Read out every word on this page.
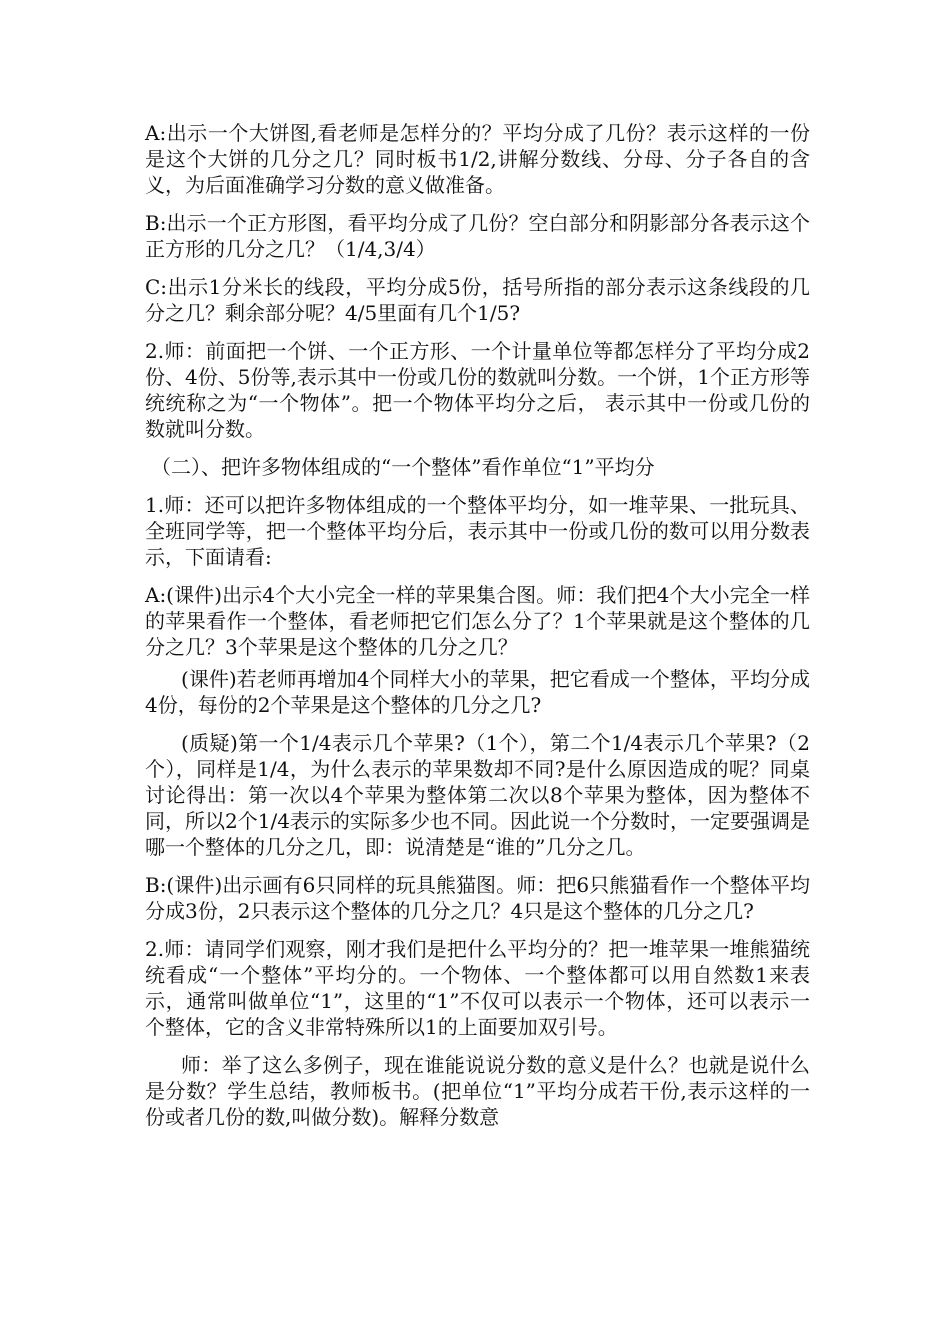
A:出示一个大饼图,看老师是怎样分的？平均分成了几份？表示这样的一份是这个大饼的几分之几？同时板书1/2,讲解分数线、分母、分子各自的含义，为后面准确学习分数的意义做准备。

B:出示一个正方形图，看平均分成了几份？空白部分和阴影部分各表示这个正方形的几分之几？（1/4,3/4）

C:出示1分米长的线段，平均分成5份，括号所指的部分表示这条线段的几分之几？剩余部分呢？4/5里面有几个1/5?

2.师：前面把一个饼、一个正方形、一个计量单位等都怎样分了平均分成2份、4份、5份等,表示其中一份或几份的数就叫分数。一个饼，1个正方形等统统称之为“一个物体”。把一个物体平均分之后， 表示其中一份或几份的数就叫分数。

（二）、把许多物体组成的“一个整体”看作单位“1”平均分

1.师：还可以把许多物体组成的一个整体平均分，如一堆苹果、一批玩具、全班同学等，把一个整体平均分后，表示其中一份或几份的数可以用分数表示，下面请看:

A:(课件)出示4个大小完全一样的苹果集合图。师：我们把4个大小完全一样的苹果看作一个整体，看老师把它们怎么分了？1个苹果就是这个整体的几分之几？3个苹果是这个整体的几分之几？

(课件)若老师再增加4个同样大小的苹果，把它看成一个整体，平均分成4份，每份的2个苹果是这个整体的几分之几?

(质疑)第一个1/4表示几个苹果?（1个），第二个1/4表示几个苹果?（2个），同样是1/4，为什么表示的苹果数却不同?是什么原因造成的呢？同桌讨论得出：第一次以4个苹果为整体第二次以8个苹果为整体，因为整体不同，所以2个1/4表示的实际多少也不同。因此说一个分数时，一定要强调是哪一个整体的几分之几，即：说清楚是“谁的”几分之几。

B:(课件)出示画有6只同样的玩具熊猫图。师：把6只熊猫看作一个整体平均分成3份，2只表示这个整体的几分之几？4只是这个整体的几分之几?

2.师：请同学们观察，刚才我们是把什么平均分的？把一堆苹果一堆熊猫统统看成“一个整体”平均分的。一个物体、一个整体都可以用自然数1来表示，通常叫做单位“1”，这里的“1”不仅可以表示一个物体，还可以表示一个整体，它的含义非常特殊所以1的上面要加双引号。

师：举了这么多例子，现在谁能说说分数的意义是什么？也就是说什么是分数？学生总结，教师板书。(把单位“1”平均分成若干份,表示这样的一份或者几份的数,叫做分数)。解释分数意
